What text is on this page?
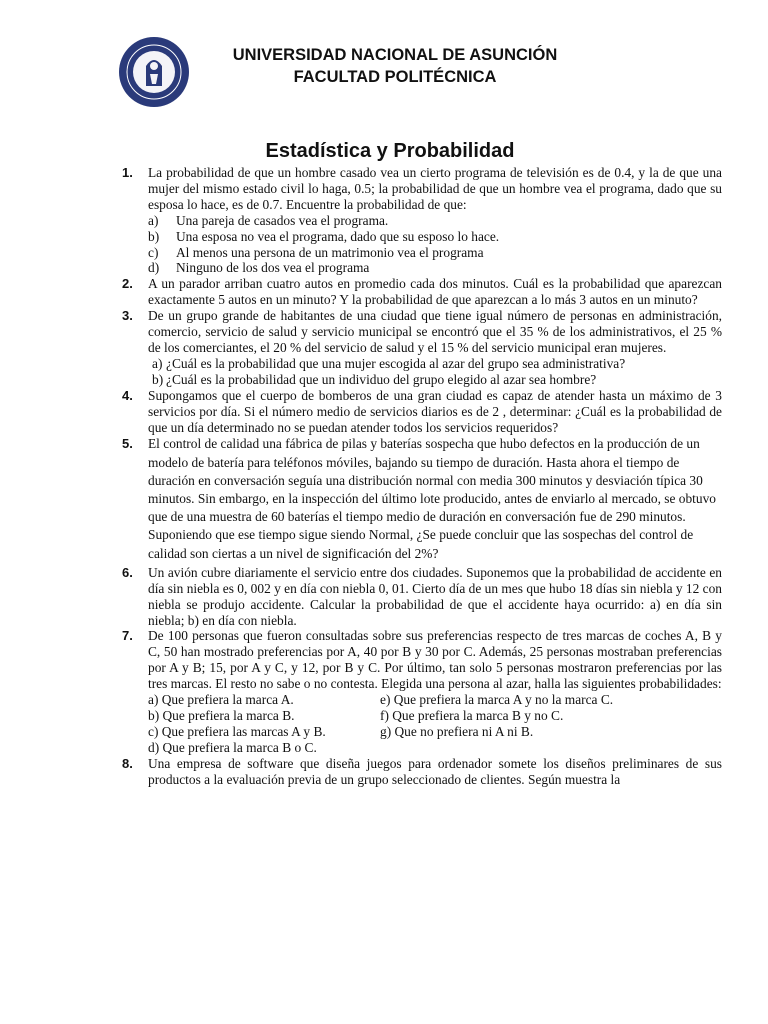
UNIVERSIDAD NACIONAL DE ASUNCIÓN
FACULTAD POLITÉCNICA
Estadística y Probabilidad
1. La probabilidad de que un hombre casado vea un cierto programa de televisión es de 0.4, y la de que una mujer del mismo estado civil lo haga, 0.5; la probabilidad de que un hombre vea el programa, dado que su esposa lo hace, es de 0.7. Encuentre la probabilidad de que:
a)	Una pareja de casados vea el programa.
b)	Una esposa no vea el programa, dado que su esposo lo hace.
c)	Al menos una persona de un matrimonio vea el programa
d)	Ninguno de los dos vea el programa
2. A un parador arriban cuatro autos en promedio cada dos minutos. Cuál es la probabilidad que aparezcan exactamente 5 autos en un minuto? Y la probabilidad de que aparezcan a lo más 3 autos en un minuto?
3. De un grupo grande de habitantes de una ciudad que tiene igual número de personas en administración, comercio, servicio de salud y servicio municipal se encontró que el 35 % de los administrativos, el 25 % de los comerciantes, el 20 % del servicio de salud y el 15 % del servicio municipal eran mujeres.
a) ¿Cuál es la probabilidad que una mujer escogida al azar del grupo sea administrativa?
b) ¿Cuál es la probabilidad que un individuo del grupo elegido al azar sea hombre?
4. Supongamos que el cuerpo de bomberos de una gran ciudad es capaz de atender hasta un máximo de 3 servicios por día. Si el número medio de servicios diarios es de 2 , determinar: ¿Cuál es la probabilidad de que un día determinado no se puedan atender todos los servicios requeridos?
5. El control de calidad una fábrica de pilas y baterías sospecha que hubo defectos en la producción de un modelo de batería para teléfonos móviles, bajando su tiempo de duración. Hasta ahora el tiempo de duración en conversación seguía una distribución normal con media 300 minutos y desviación típica 30 minutos. Sin embargo, en la inspección del último lote producido, antes de enviarlo al mercado, se obtuvo que de una muestra de 60 baterías el tiempo medio de duración en conversación fue de 290 minutos. Suponiendo que ese tiempo sigue siendo Normal, ¿Se puede concluir que las sospechas del control de calidad son ciertas a un nivel de significación del 2%?
6. Un avión cubre diariamente el servicio entre dos ciudades. Suponemos que la probabilidad de accidente en día sin niebla es 0, 002 y en día con niebla 0, 01. Cierto día de un mes que hubo 18 días sin niebla y 12 con niebla se produjo accidente. Calcular la probabilidad de que el accidente haya ocurrido: a) en día sin niebla; b) en día con niebla.
7. De 100 personas que fueron consultadas sobre sus preferencias respecto de tres marcas de coches A, B y C, 50 han mostrado preferencias por A, 40 por B y 30 por C. Además, 25 personas mostraban preferencias por A y B; 15, por A y C, y 12, por B y C. Por último, tan solo 5 personas mostraron preferencias por las tres marcas. El resto no sabe o no contesta. Elegida una persona al azar, halla las siguientes probabilidades:
a) Que prefiera la marca A.	e) Que prefiera la marca A y no la marca C.
b) Que prefiera la marca B.	f) Que prefiera la marca B y no C.
c) Que prefiera las marcas A y B.	g) Que no prefiera ni A ni B.
d) Que prefiera la marca B o C.
8. Una empresa de software que diseña juegos para ordenador somete los diseños preliminares de sus productos a la evaluación previa de un grupo seleccionado de clientes. Según muestra la
